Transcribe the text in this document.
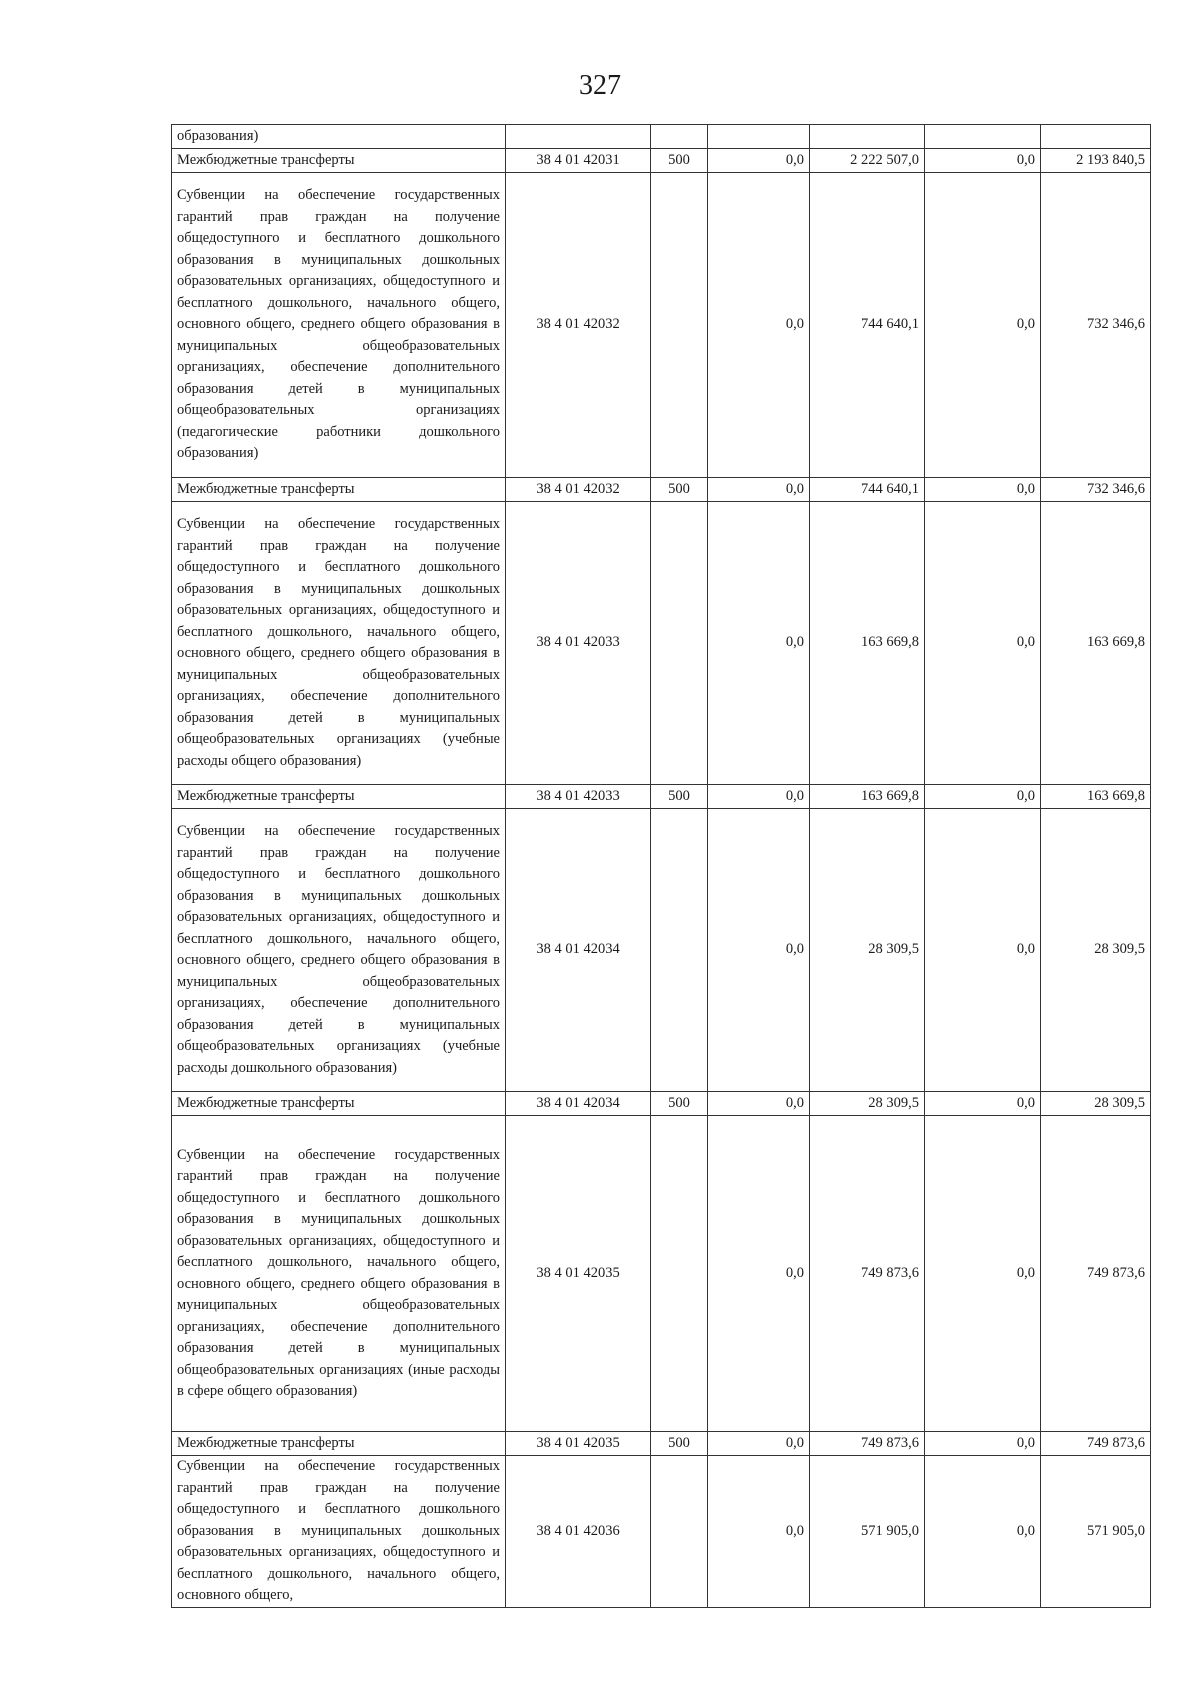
327
образования)						
Межбюджетные трансферты	38 4 01 42031	500	0,0	2 222 507,0	0,0	2 193 840,5
Субвенции на обеспечение государственных гарантий прав граждан на получение общедоступного и бесплатного дошкольного образования в муниципальных дошкольных образовательных организациях, общедоступного и бесплатного дошкольного, начального общего, основного общего, среднего общего образования в муниципальных общеобразовательных организациях, обеспечение дополнительного образования детей в муниципальных общеобразовательных организациях (педагогические работники дошкольного образования)	38 4 01 42032		0,0	744 640,1	0,0	732 346,6
Межбюджетные трансферты	38 4 01 42032	500	0,0	744 640,1	0,0	732 346,6
Субвенции на обеспечение государственных гарантий прав граждан на получение общедоступного и бесплатного дошкольного образования в муниципальных дошкольных образовательных организациях, общедоступного и бесплатного дошкольного, начального общего, основного общего, среднего общего образования в муниципальных общеобразовательных организациях, обеспечение дополнительного образования детей в муниципальных общеобразовательных организациях (учебные расходы общего образования)	38 4 01 42033		0,0	163 669,8	0,0	163 669,8
Межбюджетные трансферты	38 4 01 42033	500	0,0	163 669,8	0,0	163 669,8
Субвенции на обеспечение государственных гарантий прав граждан на получение общедоступного и бесплатного дошкольного образования в муниципальных дошкольных образовательных организациях, общедоступного и бесплатного дошкольного, начального общего, основного общего, среднего общего образования в муниципальных общеобразовательных организациях, обеспечение дополнительного образования детей в муниципальных общеобразовательных организациях (учебные расходы дошкольного образования)	38 4 01 42034		0,0	28 309,5	0,0	28 309,5
Межбюджетные трансферты	38 4 01 42034	500	0,0	28 309,5	0,0	28 309,5
Субвенции на обеспечение государственных гарантий прав граждан на получение общедоступного и бесплатного дошкольного образования в муниципальных дошкольных образовательных организациях, общедоступного и бесплатного дошкольного, начального общего, основного общего, среднего общего образования в муниципальных общеобразовательных организациях, обеспечение дополнительного образования детей в муниципальных общеобразовательных организациях (иные расходы в сфере общего образования)	38 4 01 42035		0,0	749 873,6	0,0	749 873,6
Межбюджетные трансферты	38 4 01 42035	500	0,0	749 873,6	0,0	749 873,6
Субвенции на обеспечение государственных гарантий прав граждан на получение общедоступного и бесплатного дошкольного образования в муниципальных дошкольных образовательных организациях, общедоступного и бесплатного дошкольного, начального общего, основного общего,	38 4 01 42036		0,0	571 905,0	0,0	571 905,0
